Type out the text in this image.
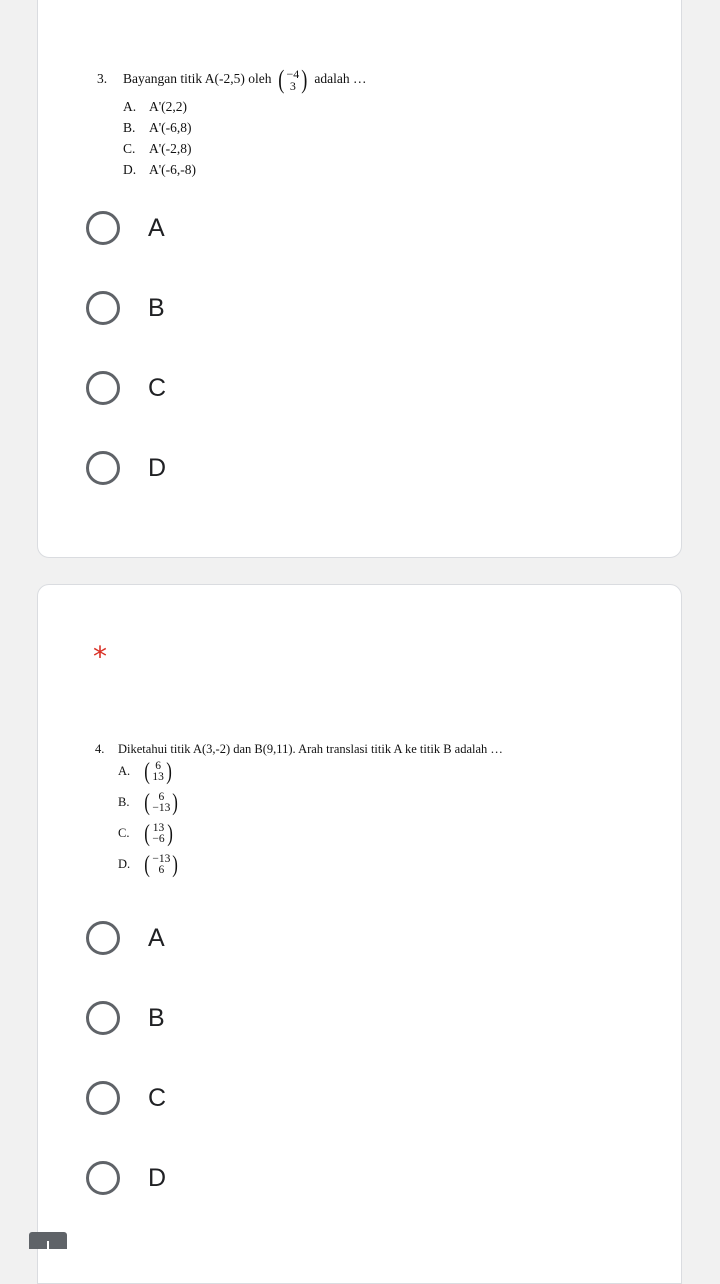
3. Bayangan titik A(-2,5) oleh ( −4
3 ) adalah …
A. A'(2,2)
B. A'(-6,8)
C. A'(-2,8)
D. A'(-6,-8)
A
B
C
D
*
4. Diketahui titik A(3,-2) dan B(9,11). Arah translasi titik A ke titik B adalah …
A. ( 6
13 )
B. ( 6
−13 )
C. ( 13
−6 )
D. ( −13
6 )
A
B
C
D
